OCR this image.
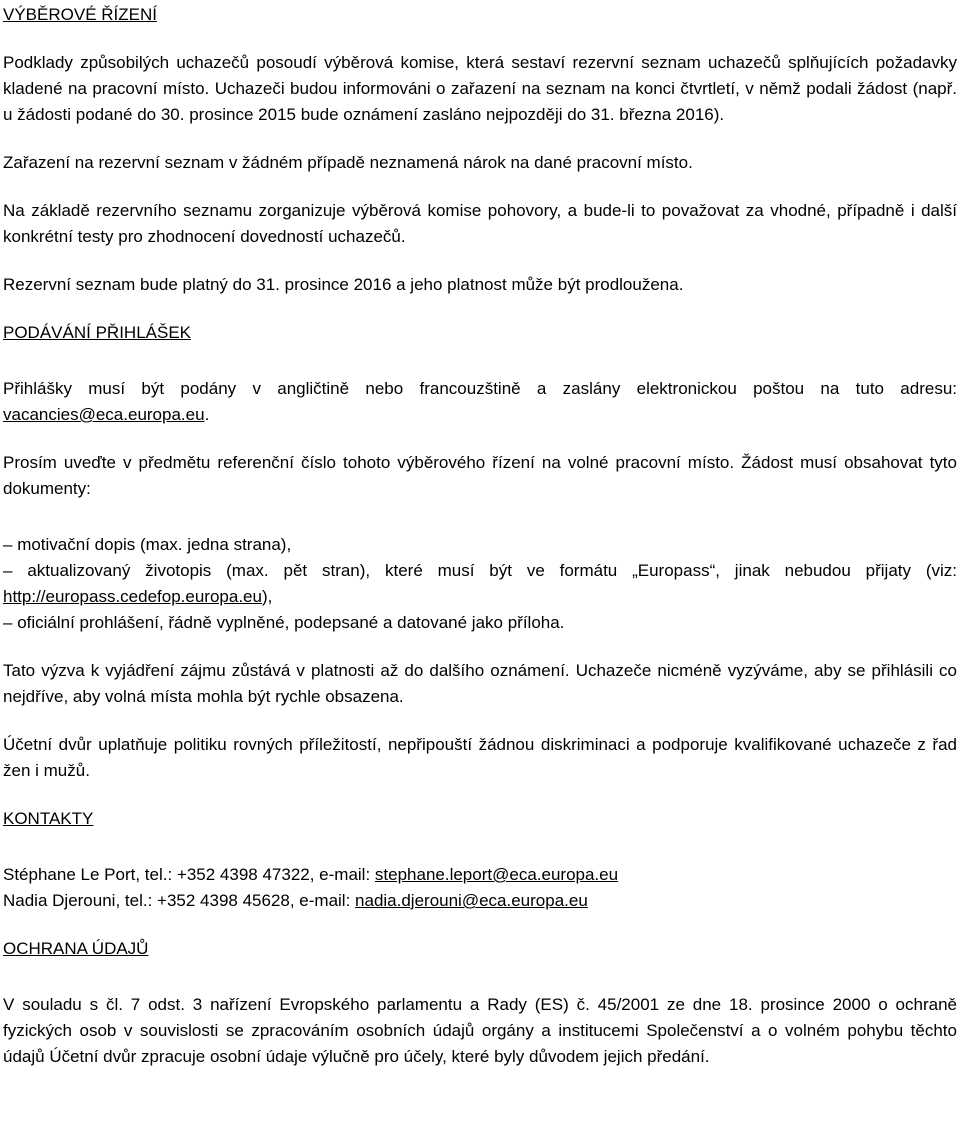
VÝBĚROVÉ ŘÍZENÍ

Podklady způsobilých uchazečů posoudí výběrová komise, která sestaví rezervní seznam uchazečů splňujících požadavky kladené na pracovní místo. Uchazeči budou informováni o zařazení na seznam na konci čtvrtletí, v němž podali žádost (např. u žádosti podané do 30. prosince 2015 bude oznámení zasláno nejpozději do 31. března 2016).

Zařazení na rezervní seznam v žádném případě neznamená nárok na dané pracovní místo.

Na základě rezervního seznamu zorganizuje výběrová komise pohovory, a bude-li to považovat za vhodné, případně i další konkrétní testy pro zhodnocení dovedností uchazečů.

Rezervní seznam bude platný do 31. prosince 2016 a jeho platnost může být prodloužena.

PODÁVÁNÍ PŘIHLÁŠEK

Přihlášky musí být podány v angličtině nebo francouzštině a zaslány elektronickou poštou na tuto adresu: vacancies@eca.europa.eu.

Prosím uveďte v předmětu referenční číslo tohoto výběrového řízení na volné pracovní místo. Žádost musí obsahovat tyto dokumenty:

– motivační dopis (max. jedna strana),
– aktualizovaný životopis (max. pět stran), které musí být ve formátu „Europass“, jinak nebudou přijaty (viz: http://europass.cedefop.europa.eu),
– oficiální prohlášení, řádně vyplněné, podepsané a datované jako příloha.

Tato výzva k vyjádření zájmu zůstává v platnosti až do dalšího oznámení. Uchazeče nicméně vyzýváme, aby se přihlásili co nejdříve, aby volná místa mohla být rychle obsazena.

Účetní dvůr uplatňuje politiku rovných příležitostí, nepřipouští žádnou diskriminaci a podporuje kvalifikované uchazeče z řad žen i mužů.

KONTAKTY
Stéphane Le Port, tel.: +352 4398 47322, e-mail: stephane.leport@eca.europa.eu
Nadia Djerouni, tel.: +352 4398 45628, e-mail: nadia.djerouni@eca.europa.eu
OCHRANA ÚDAJŮ

V souladu s čl. 7 odst. 3 nařízení Evropského parlamentu a Rady (ES) č. 45/2001 ze dne 18. prosince 2000 o ochraně fyzických osob v souvislosti se zpracováním osobních údajů orgány a institucemi Společenství a o volném pohybu těchto údajů Účetní dvůr zpracuje osobní údaje výlučně pro účely, které byly důvodem jejich předání.
